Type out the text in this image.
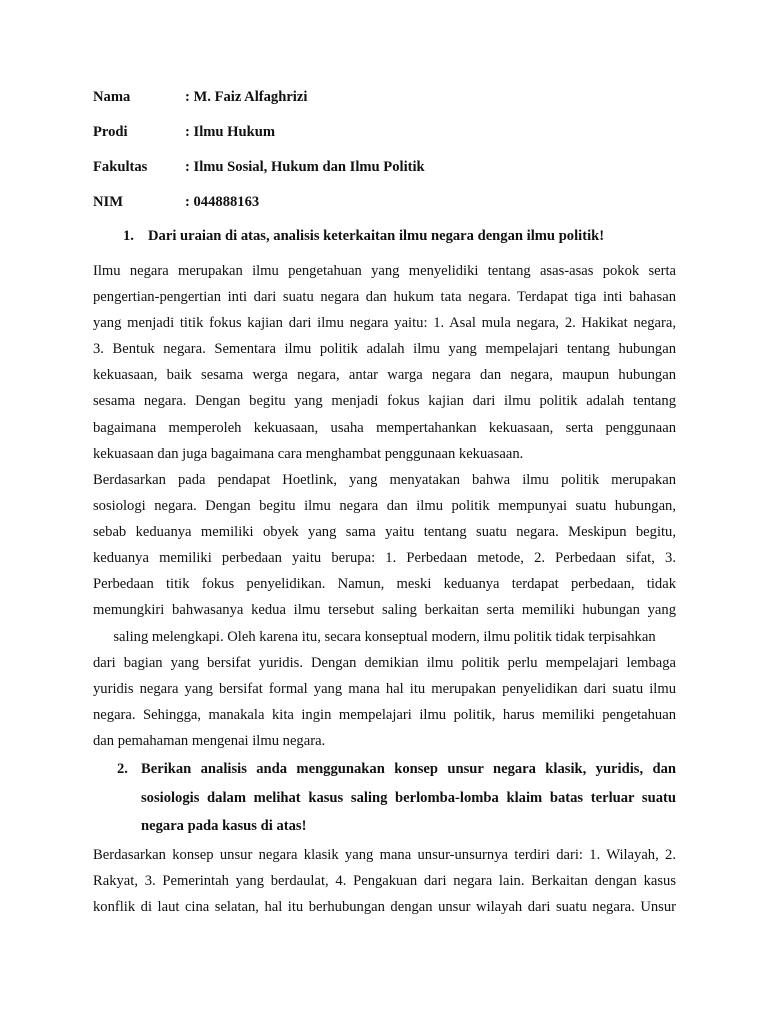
Nama	: M. Faiz Alfaghrizi
Prodi	: Ilmu Hukum
Fakultas	: Ilmu Sosial, Hukum dan Ilmu Politik
NIM	: 044888163
1. Dari uraian di atas, analisis keterkaitan ilmu negara dengan ilmu politik!
Ilmu negara merupakan ilmu pengetahuan yang menyelidiki tentang asas-asas pokok serta
pengertian-pengertian inti dari suatu negara dan hukum tata negara. Terdapat tiga inti bahasan
yang menjadi titik fokus kajian dari ilmu negara yaitu: 1. Asal mula negara, 2. Hakikat negara,
3. Bentuk negara. Sementara ilmu politik adalah ilmu yang mempelajari tentang hubungan
kekuasaan, baik sesama werga negara, antar warga negara dan negara, maupun hubungan
sesama negara. Dengan begitu yang menjadi fokus kajian dari ilmu politik adalah tentang
bagaimana memperoleh kekuasaan, usaha mempertahankan kekuasaan, serta penggunaan
kekuasaan dan juga bagaimana cara menghambat penggunaan kekuasaan.
Berdasarkan pada pendapat Hoetlink, yang menyatakan bahwa ilmu politik merupakan
sosiologi negara. Dengan begitu ilmu negara dan ilmu politik mempunyai suatu hubungan,
sebab keduanya memiliki obyek yang sama yaitu tentang suatu negara. Meskipun begitu,
keduanya memiliki perbedaan yaitu berupa: 1. Perbedaan metode, 2. Perbedaan sifat, 3.
Perbedaan titik fokus penyelidikan. Namun, meski keduanya terdapat perbedaan, tidak
memungkiri bahwasanya kedua ilmu tersebut saling berkaitan serta memiliki hubungan yang
saling melengkapi. Oleh karena itu, secara konseptual modern, ilmu politik tidak terpisahkan
dari bagian yang bersifat yuridis. Dengan demikian ilmu politik perlu mempelajari lembaga
yuridis negara yang bersifat formal yang mana hal itu merupakan penyelidikan dari suatu ilmu
negara. Sehingga, manakala kita ingin mempelajari ilmu politik, harus memiliki pengetahuan
dan pemahaman mengenai ilmu negara.
2. Berikan analisis anda menggunakan konsep unsur negara klasik, yuridis, dan
sosiologis dalam melihat kasus saling berlomba-lomba klaim batas terluar suatu
negara pada kasus di atas!
Berdasarkan konsep unsur negara klasik yang mana unsur-unsurnya terdiri dari: 1. Wilayah, 2.
Rakyat, 3. Pemerintah yang berdaulat, 4. Pengakuan dari negara lain. Berkaitan dengan kasus
konflik di laut cina selatan, hal itu berhubungan dengan unsur wilayah dari suatu negara. Unsur
